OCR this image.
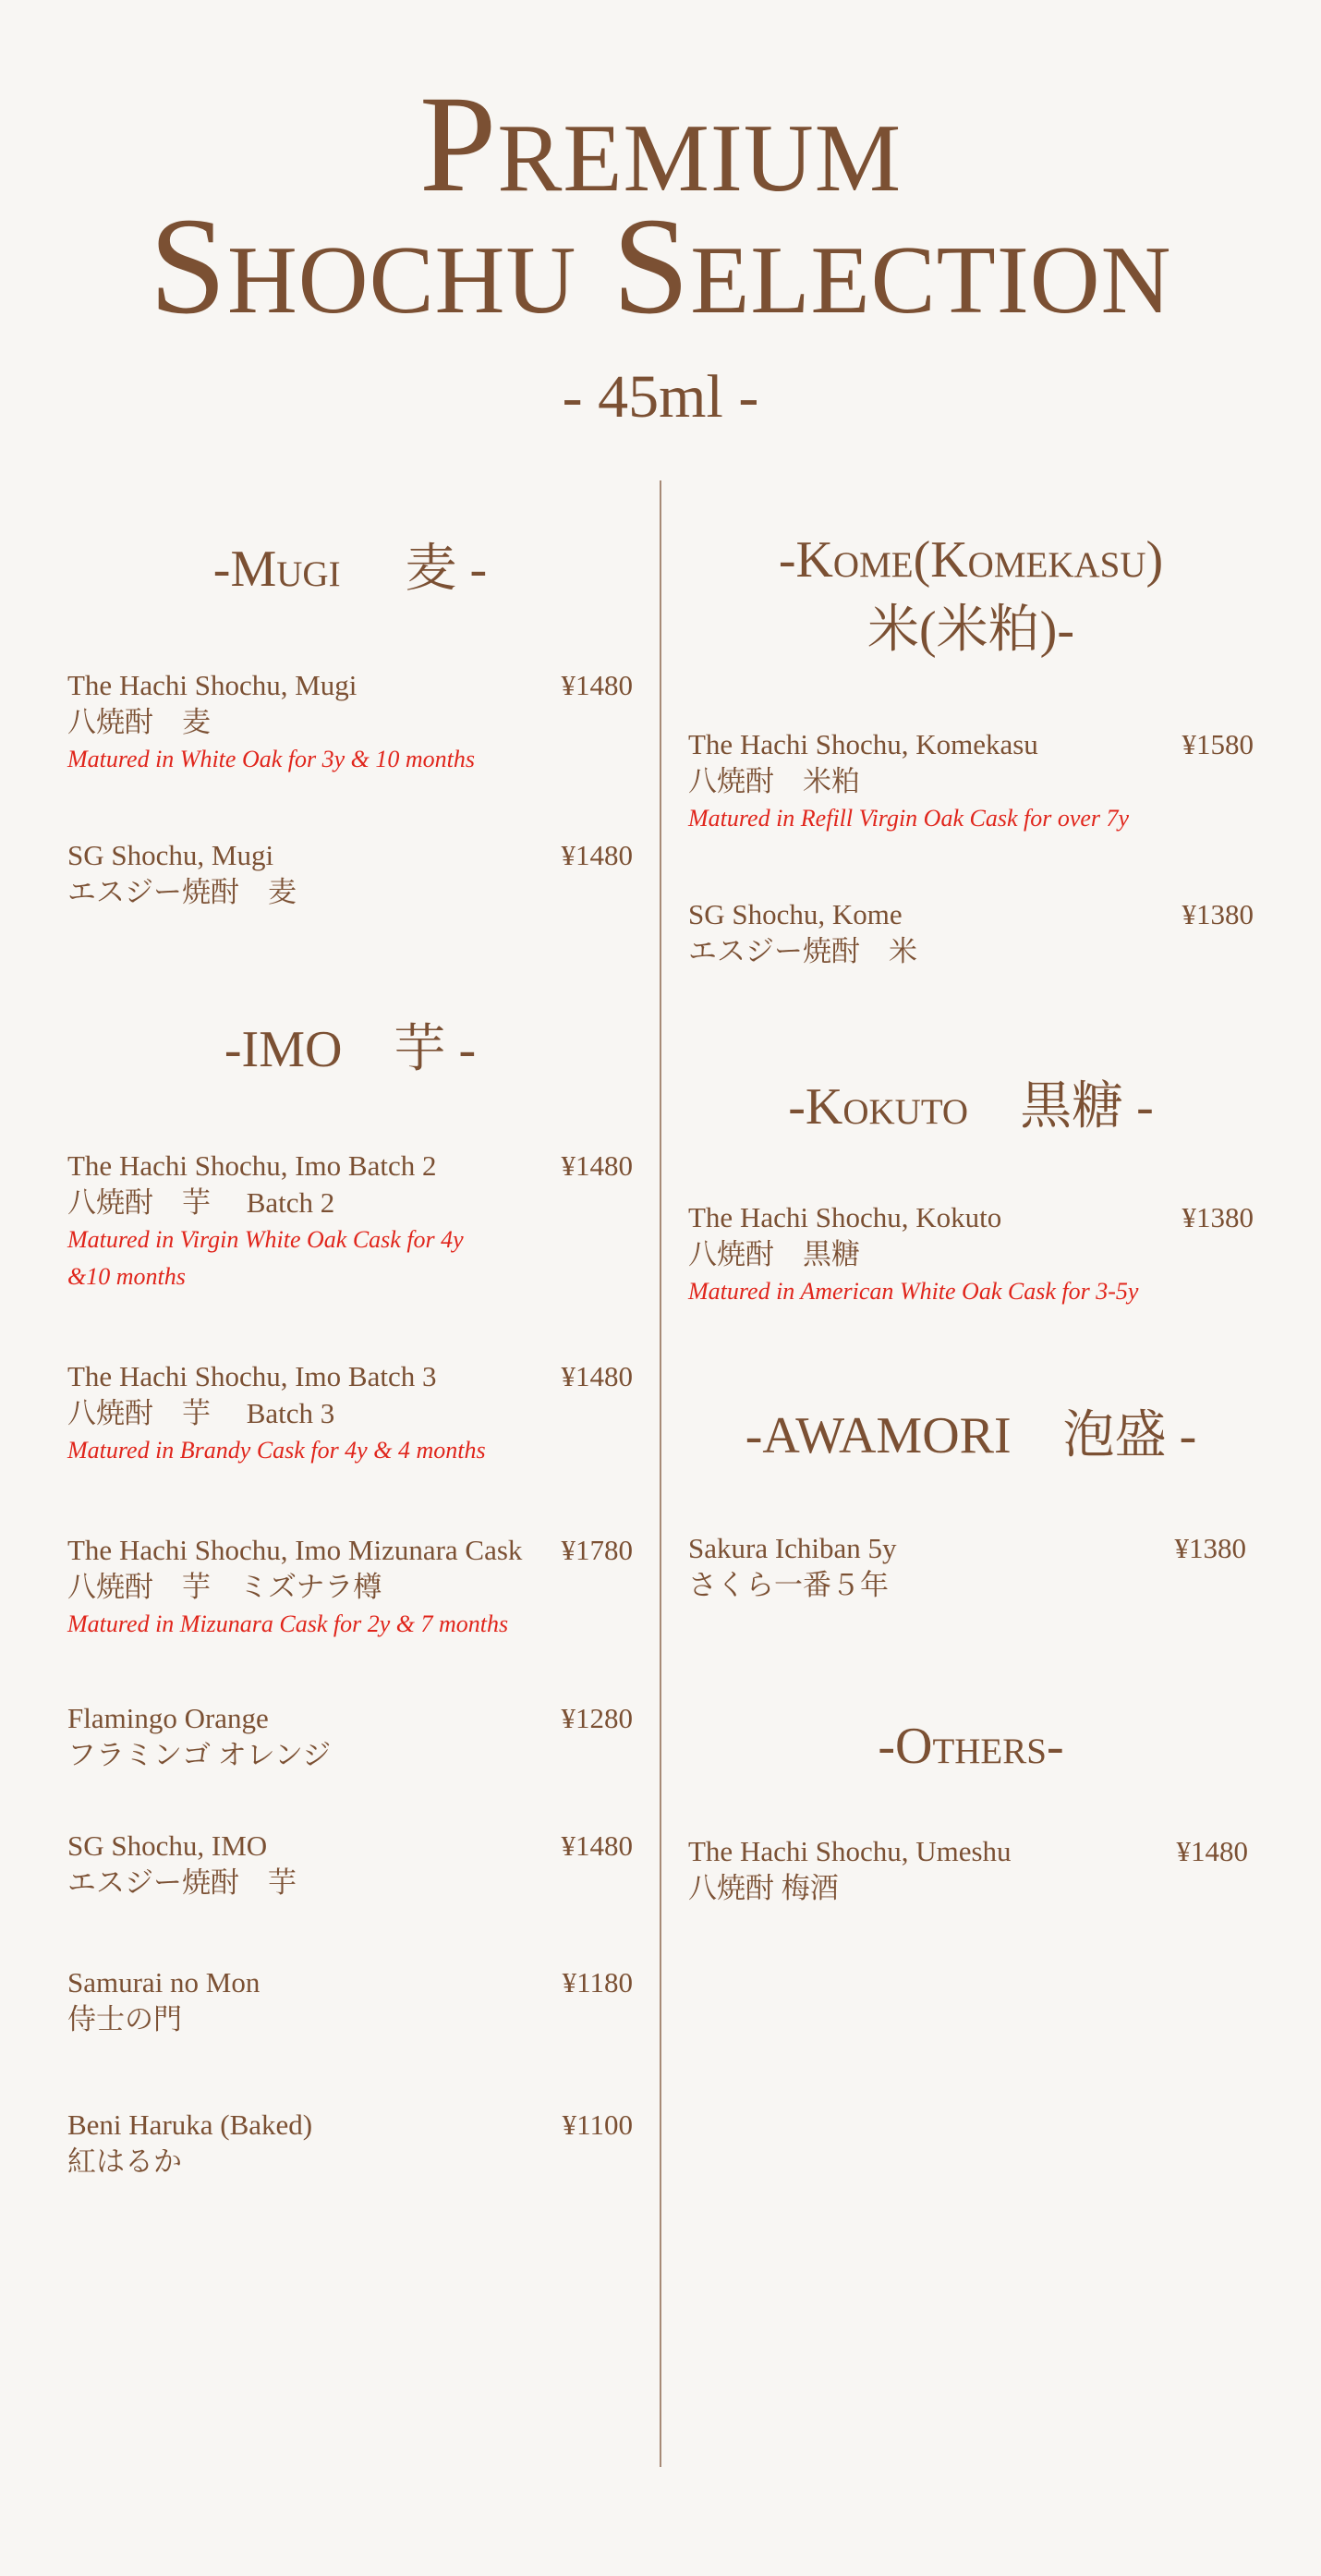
Premium
Shochu Selection
- 45ml -
-Mugi　 麦 -
The Hachi Shochu, Mugi
八焼酎　麦
Matured in White Oak for 3y & 10 months
¥1480
SG Shochu, Mugi
エスジー焼酎　麦
¥1480
-IMO　芋 -
The Hachi Shochu, Imo Batch 2
八焼酎　芋　 Batch 2
Matured in Virgin White Oak Cask for 4y
&10 months
¥1480
The Hachi Shochu, Imo Batch 3
八焼酎　芋　 Batch 3
Matured in Brandy Cask for 4y & 4 months
¥1480
The Hachi Shochu, Imo Mizunara Cask
八焼酎　芋　ミズナラ樽
Matured in Mizunara Cask for 2y & 7 months
¥1780
Flamingo Orange
フラミンゴ オレンジ
¥1280
SG Shochu, IMO
エスジー焼酎　芋
¥1480
Samurai no Mon
侍士の門
¥1180
Beni Haruka (Baked)
紅はるか
¥1100
-Kome(Komekasu)
米(米粕)-
The Hachi Shochu, Komekasu
八焼酎　米粕
Matured in Refill Virgin Oak Cask for over 7y
¥1580
SG Shochu, Kome
エスジー焼酎　米
¥1380
-Kokuto　黒糖 -
The Hachi Shochu, Kokuto
八焼酎　黒糖
Matured in American White Oak Cask for 3-5y
¥1380
-AWAMORI　泡盛 -
Sakura Ichiban 5y
さくら一番５年
¥1380
-Others-
The Hachi Shochu, Umeshu
八焼酎 梅酒
¥1480
